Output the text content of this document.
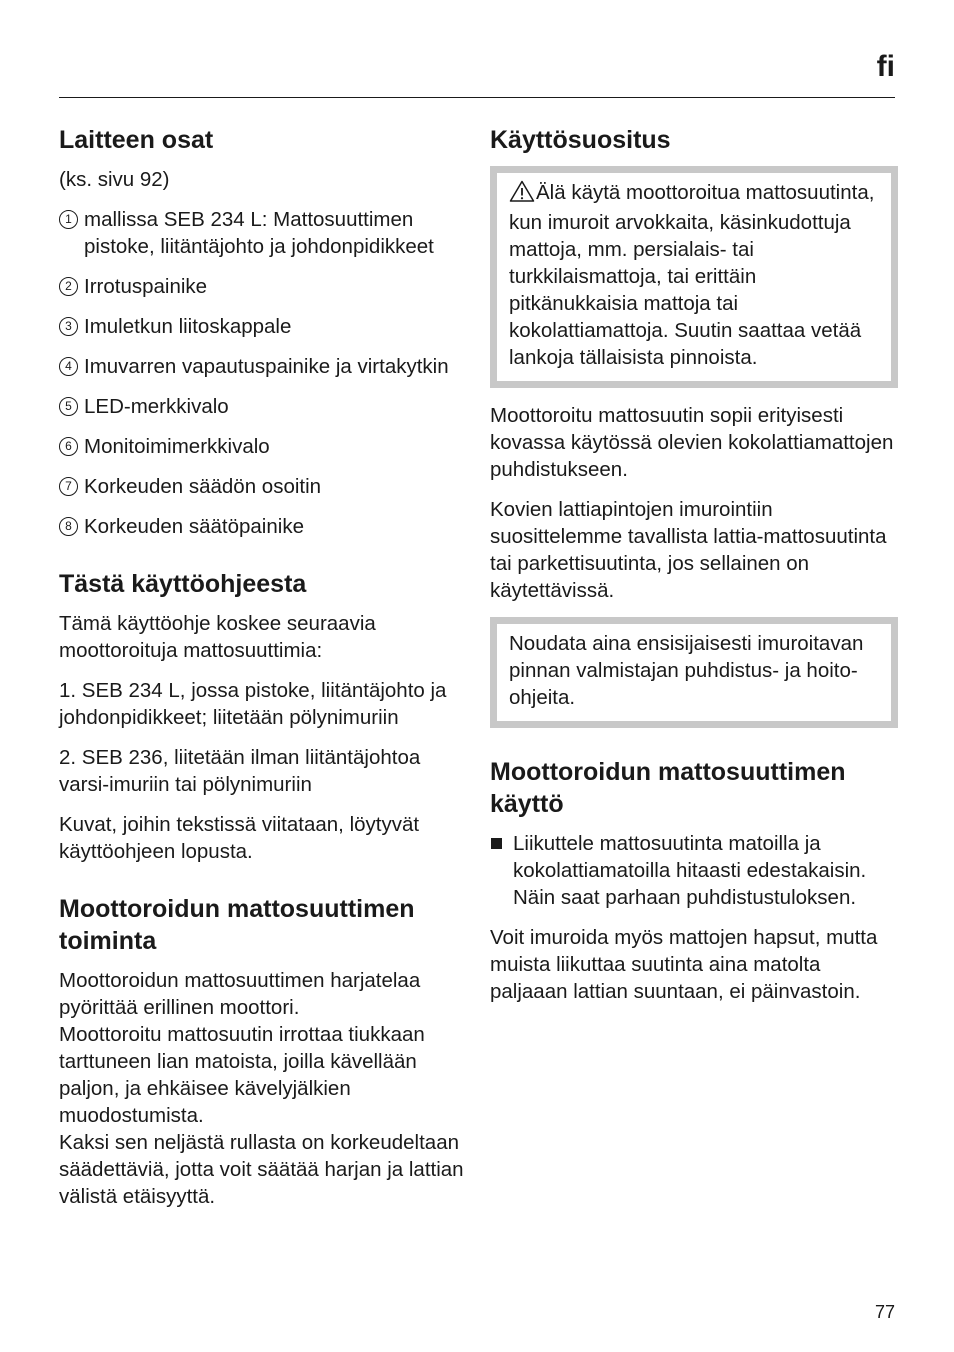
fi
Laitteen osat

(ks. sivu 92)

1 mallissa SEB 234 L: Mattosuuttimen pistoke, liitäntäjohto ja johdonpidikkeet
2 Irrotuspainike
3 Imuletkun liitoskappale
4 Imuvarren vapautuspainike ja virtakytkin
5 LED-merkkivalo
6 Monitoimimerkkivalo
7 Korkeuden säädön osoitin
8 Korkeuden säätöpainike
Tästä käyttöohjeesta

Tämä käyttöohje koskee seuraavia moottoroituja mattosuuttimia:

1. SEB 234 L, jossa pistoke, liitäntäjohto ja johdonpidikkeet; liitetään pölynimuriin

2. SEB 236, liitetään ilman liitäntäjohtoa varsi-imuriin tai pölynimuriin

Kuvat, joihin tekstissä viitataan, löytyvät käyttöohjeen lopusta.

Moottoroidun mattosuuttimen toiminta

Moottoroidun mattosuuttimen harjatelaa pyörittää erillinen moottori.
Moottoroitu mattosuutin irrottaa tiukkaan tarttuneen lian matoista, joilla kävellään paljon, ja ehkäisee kävelyjälkien muodostumista.
Kaksi sen neljästä rullasta on korkeudeltaan säädettäviä, jotta voit säätää harjan ja lattian välistä etäisyyttä.

Käyttösuositus
Älä käytä moottoroitua mattosuutinta, kun imuroit arvokkaita, käsinkudottuja mattoja, mm. persialais- tai turkkilaismattoja, tai erittäin pitkänukkaisia mattoja tai kokolattiamattoja. Suutin saattaa vetää lankoja tällaisista pinnoista.

Moottoroitu mattosuutin sopii erityisesti kovassa käytössä olevien kokolattiamattojen puhdistukseen.

Kovien lattiapintojen imurointiin suosittelemme tavallista lattia-mattosuutinta tai parkettisuutinta, jos sellainen on käytettävissä.

Noudata aina ensisijaisesti imuroitavan pinnan valmistajan puhdistus- ja hoito-ohjeita.
Moottoroidun mattosuuttimen käyttö
Liikuttele mattosuutinta matoilla ja kokolattiamatoilla hitaasti edestakaisin. Näin saat parhaan puhdistustuloksen.

Voit imuroida myös mattojen hapsut, mutta muista liikuttaa suutinta aina matolta paljaaan lattian suuntaan, ei päinvastoin.

77
